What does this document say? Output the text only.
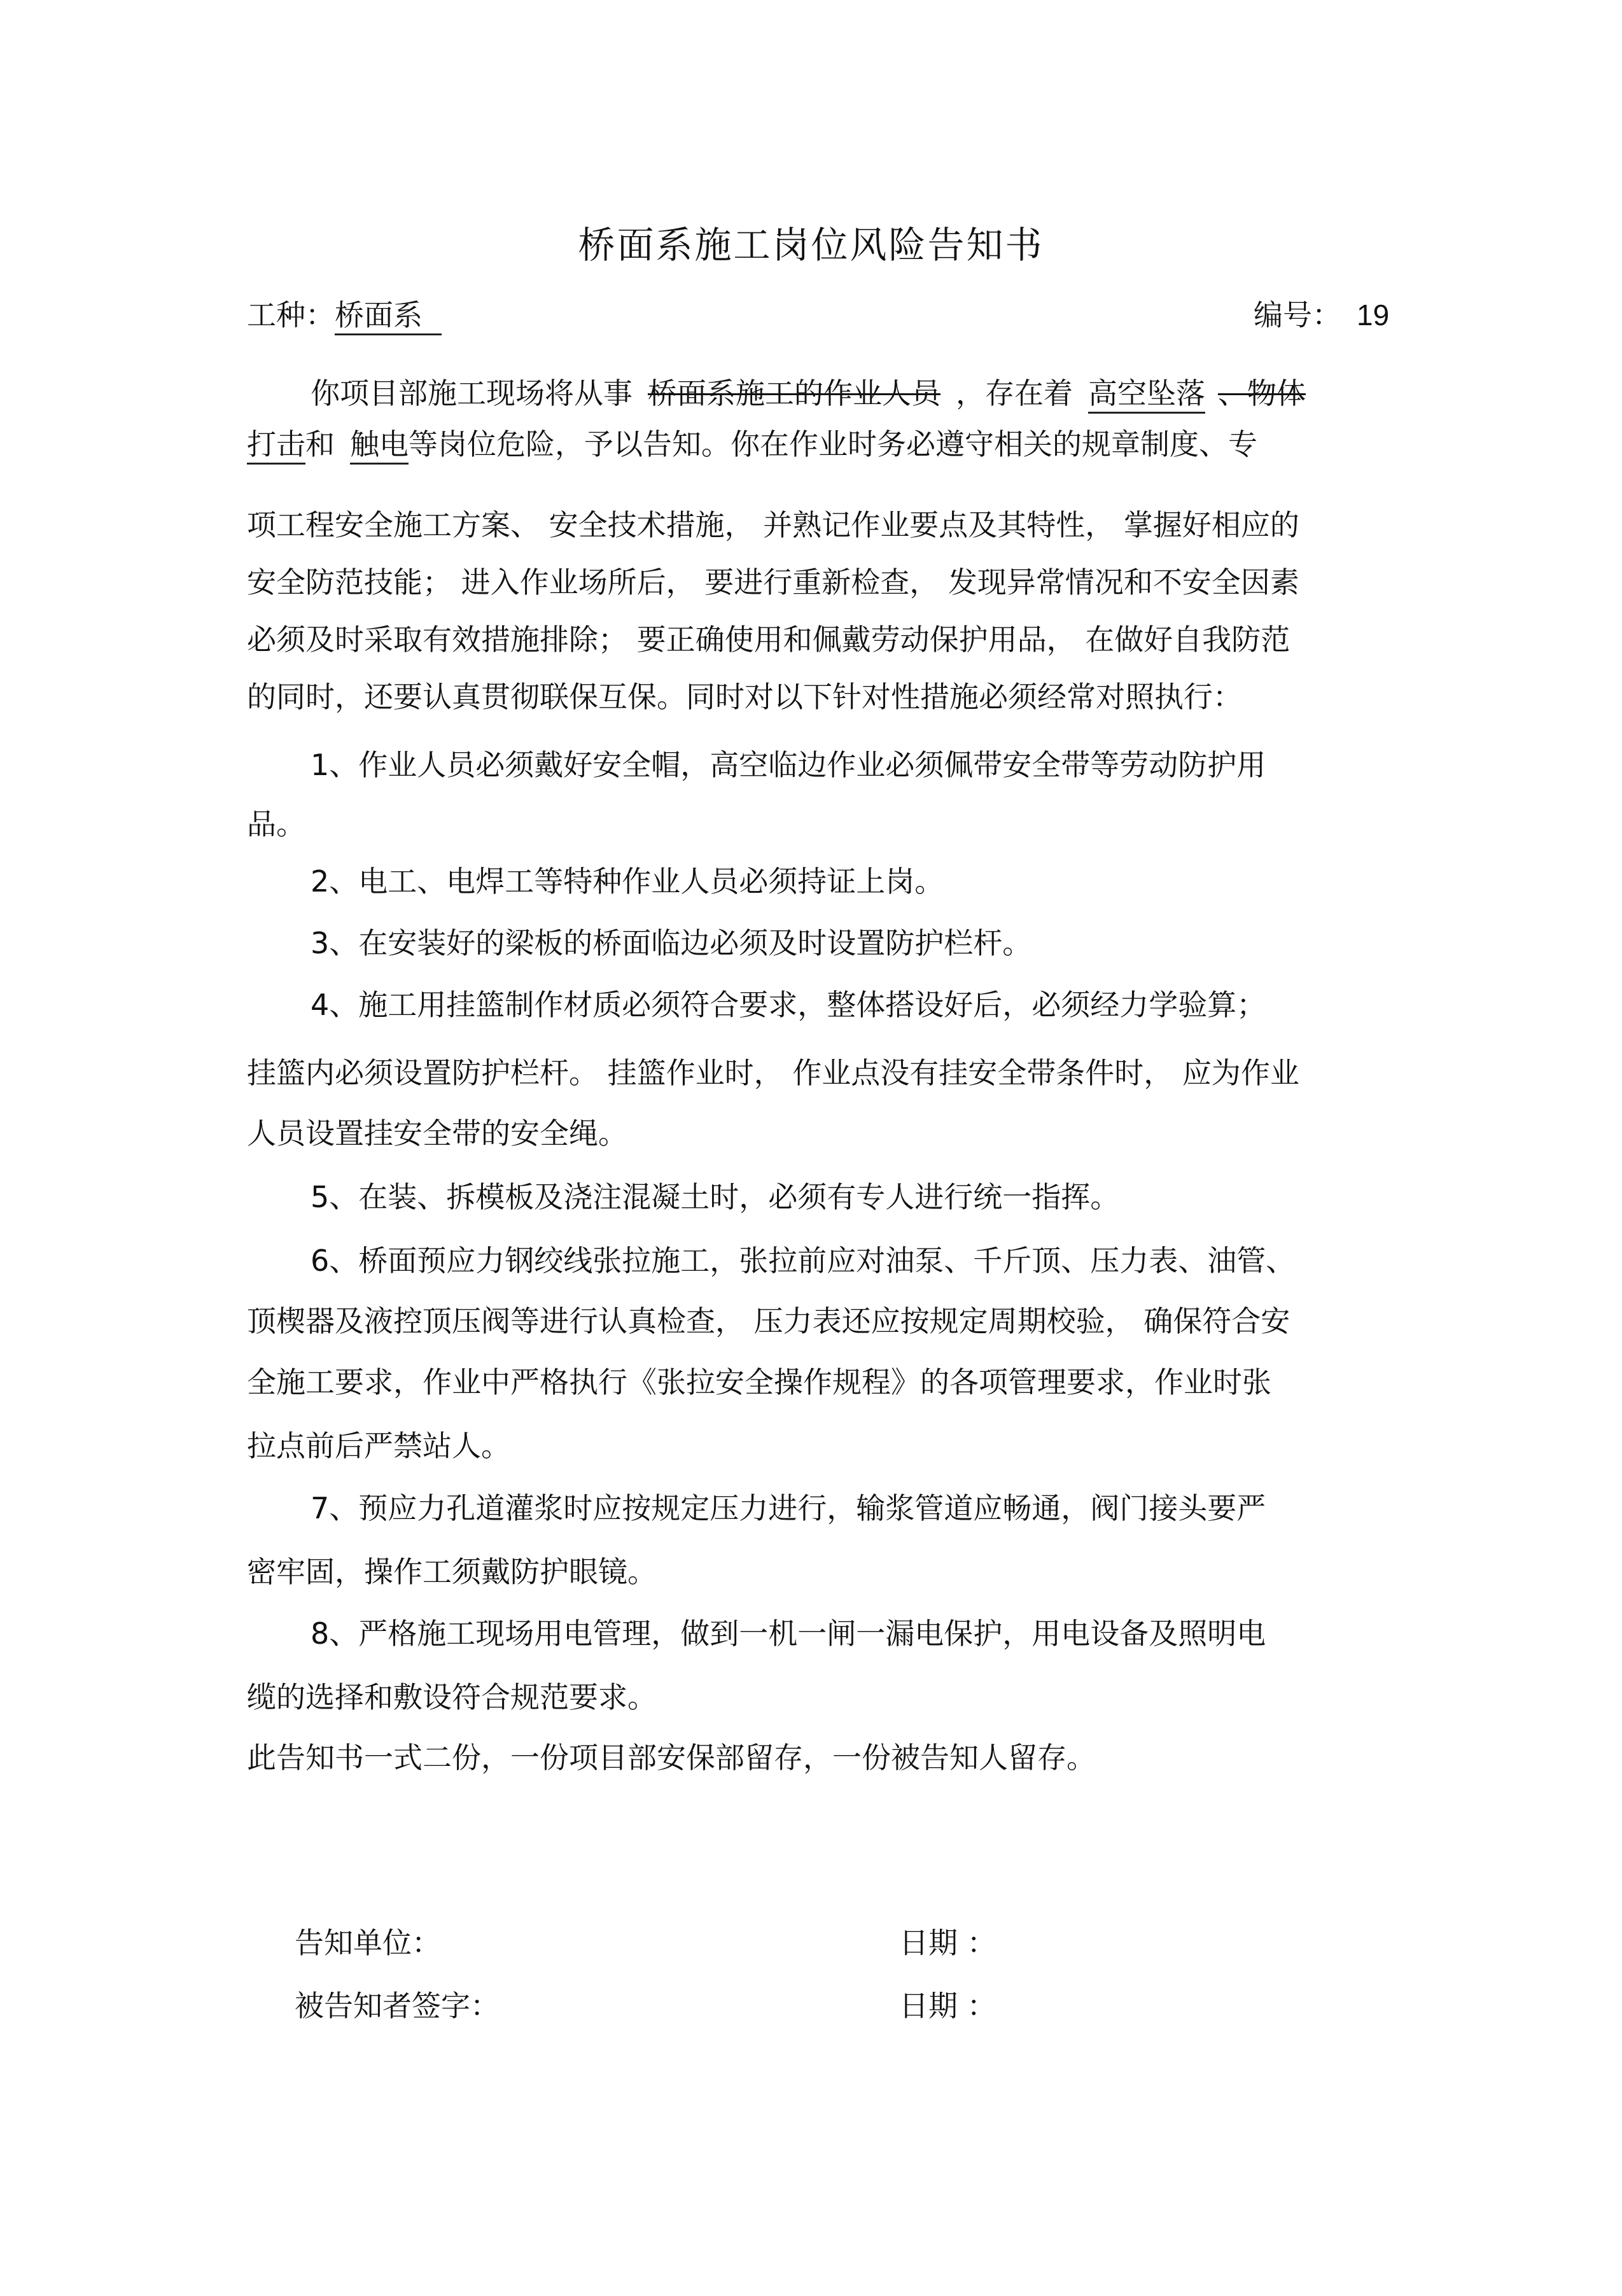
桥面系施工岗位风险告知书
工种：桥面系	编号： 19
你项目部施工现场将从事 桥面系施工的作业人员 ，存在着 高空坠落 、物体
打击和 触电等岗位危险，予以告知。你在作业时务必遵守相关的规章制度、专
项工程安全施工方案、 安全技术措施， 并熟记作业要点及其特性， 掌握好相应的
安全防范技能； 进入作业场所后， 要进行重新检查， 发现异常情况和不安全因素
必须及时采取有效措施排除； 要正确使用和佩戴劳动保护用品， 在做好自我防范
的同时，还要认真贯彻联保互保。同时对以下针对性措施必须经常对照执行：
1、作业人员必须戴好安全帽，高空临边作业必须佩带安全带等劳动防护用
品。
2、电工、电焊工等特种作业人员必须持证上岗。
3、在安装好的梁板的桥面临边必须及时设置防护栏杆。
4、施工用挂篮制作材质必须符合要求，整体搭设好后，必须经力学验算；
挂篮内必须设置防护栏杆。 挂篮作业时， 作业点没有挂安全带条件时， 应为作业
人员设置挂安全带的安全绳。
5、在装、拆模板及浇注混凝土时，必须有专人进行统一指挥。
6、桥面预应力钢绞线张拉施工，张拉前应对油泵、千斤顶、压力表、油管、
顶楔器及液控顶压阀等进行认真检查， 压力表还应按规定周期校验， 确保符合安
全施工要求，作业中严格执行《张拉安全操作规程》的各项管理要求，作业时张
拉点前后严禁站人。
7、预应力孔道灌浆时应按规定压力进行，输浆管道应畅通，阀门接头要严
密牢固，操作工须戴防护眼镜。
8、严格施工现场用电管理，做到一机一闸一漏电保护，用电设备及照明电
缆的选择和敷设符合规范要求。
此告知书一式二份，一份项目部安保部留存，一份被告知人留存。
告知单位：	日期 ：
被告知者签字：	日期 ：
